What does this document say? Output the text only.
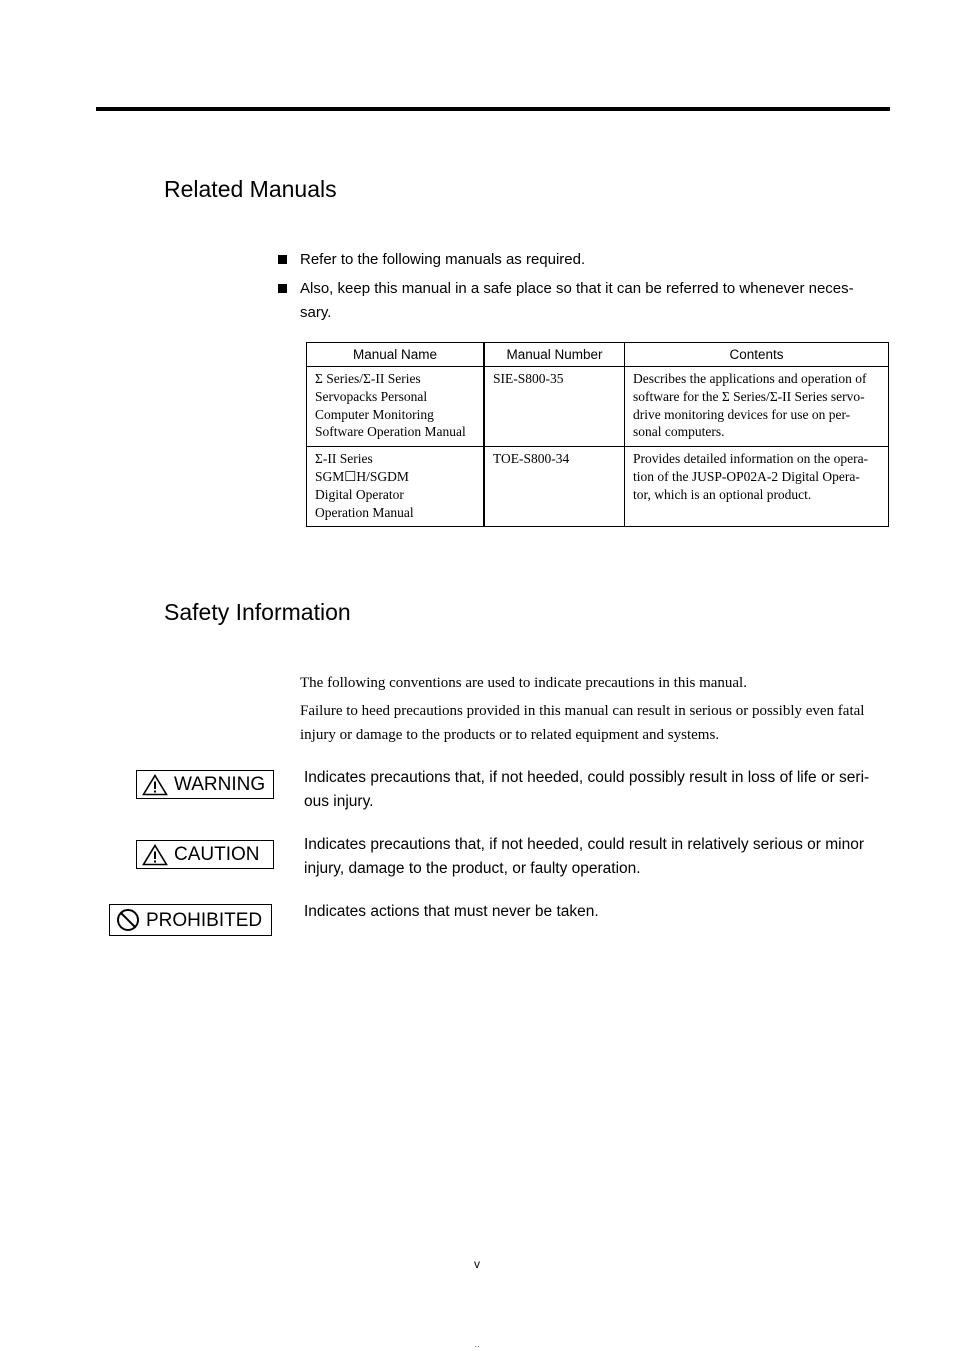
Related Manuals
Refer to the following manuals as required.
Also, keep this manual in a safe place so that it can be referred to whenever neces-
sary.
Manual Name	Manual Number	Contents

Σ Series/Σ-II Series
Servopacks Personal
Computer Monitoring
Software Operation Manual	SIE-S800-35	Describes the applications and operation of
software for the Σ Series/Σ-II Series servo-
drive monitoring devices for use on per-
sonal computers.

Σ-II Series
SGM☐H/SGDM
Digital Operator
Operation Manual	TOE-S800-34	Provides detailed information on the opera-
tion of the JUSP-OP02A-2 Digital Opera-
tor, which is an optional product.
Safety Information

The following conventions are used to indicate precautions in this manual.

Failure to heed precautions provided in this manual can result in serious or possibly even fatal injury or damage to the products or to related equipment and systems.

WARNING	Indicates precautions that, if not heeded, could possibly result in loss of life or seri-
ous injury.

CAUTION	Indicates precautions that, if not heeded, could result in relatively serious or minor
injury, damage to the product, or faulty operation.

PROHIBITED	Indicates actions that must never be taken.

v
..
